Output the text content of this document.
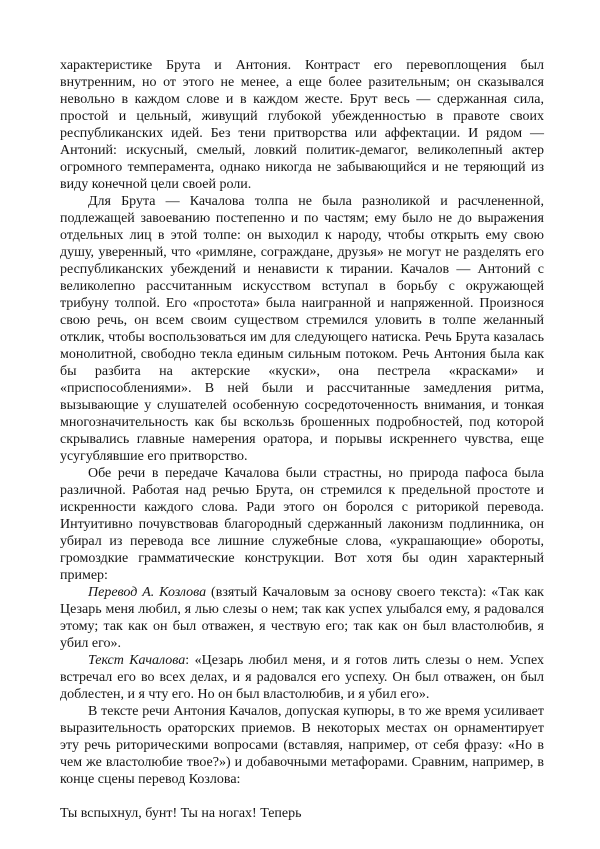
характеристике Брута и Антония. Контраст его перевоплощения был внутренним, но от этого не менее, а еще более разительным; он сказывался невольно в каждом слове и в каждом жесте. Брут весь — сдержанная сила, простой и цельный, живущий глубокой убежденностью в правоте своих республиканских идей. Без тени притворства или аффектации. И рядом — Антоний: искусный, смелый, ловкий политик-демагог, великолепный актер огромного темперамента, однако никогда не забывающийся и не теряющий из виду конечной цели своей роли.

Для Брута — Качалова толпа не была разноликой и расчлененной, подлежащей завоеванию постепенно и по частям; ему было не до выражения отдельных лиц в этой толпе: он выходил к народу, чтобы открыть ему свою душу, уверенный, что «римляне, сограждане, друзья» не могут не разделять его республиканских убеждений и ненависти к тирании. Качалов — Антоний с великолепно рассчитанным искусством вступал в борьбу с окружающей трибуну толпой. Его «простота» была наигранной и напряженной. Произнося свою речь, он всем своим существом стремился уловить в толпе желанный отклик, чтобы воспользоваться им для следующего натиска. Речь Брута казалась монолитной, свободно текла единым сильным потоком. Речь Антония была как бы разбита на актерские «куски», она пестрела «красками» и «приспособлениями». В ней были и рассчитанные замедления ритма, вызывающие у слушателей особенную сосредоточенность внимания, и тонкая многозначительность как бы вскользь брошенных подробностей, под которой скрывались главные намерения оратора, и порывы искреннего чувства, еще усугублявшие его притворство.

Обе речи в передаче Качалова были страстны, но природа пафоса была различной. Работая над речью Брута, он стремился к предельной простоте и искренности каждого слова. Ради этого он боролся с риторикой перевода. Интуитивно почувствовав благородный сдержанный лаконизм подлинника, он убирал из перевода все лишние служебные слова, «украшающие» обороты, громоздкие грамматические конструкции. Вот хотя бы один характерный пример:

Перевод А. Козлова (взятый Качаловым за основу своего текста): «Так как Цезарь меня любил, я лью слезы о нем; так как успех улыбался ему, я радовался этому; так как он был отважен, я чествую его; так как он был властолюбив, я убил его».

Текст Качалова: «Цезарь любил меня, и я готов лить слезы о нем. Успех встречал его во всех делах, и я радовался его успеху. Он был отважен, он был доблестен, и я чту его. Но он был властолюбив, и я убил его».

В тексте речи Антония Качалов, допуская купюры, в то же время усиливает выразительность ораторских приемов. В некоторых местах он орнаментирует эту речь риторическими вопросами (вставляя, например, от себя фразу: «Но в чем же властолюбие твое?») и добавочными метафорами. Сравним, например, в конце сцены перевод Козлова:

Ты вспыхнул, бунт! Ты на ногах! Теперь
